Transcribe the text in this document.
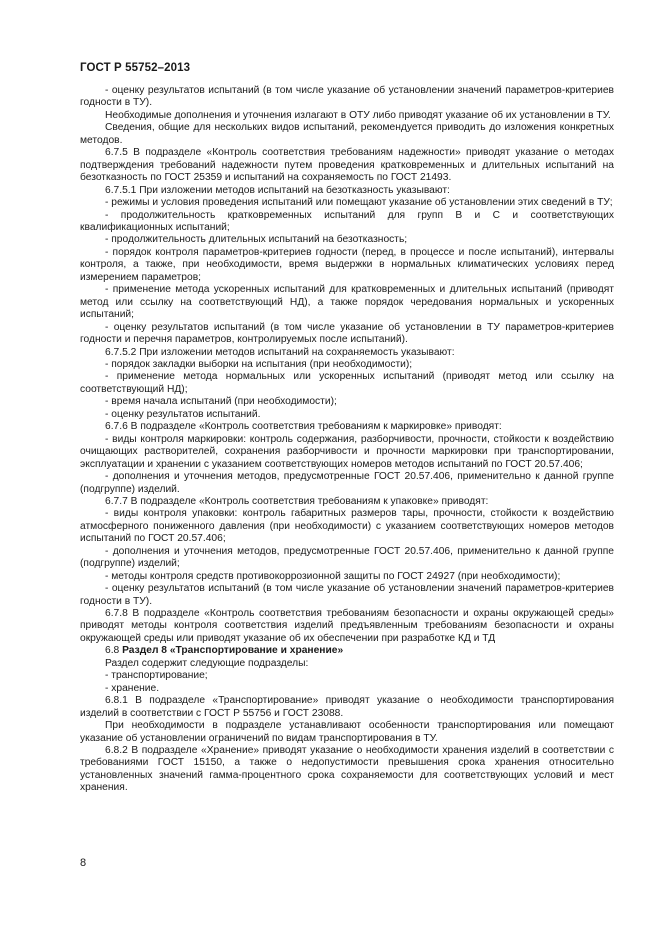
ГОСТ Р 55752–2013

- оценку результатов испытаний (в том числе указание об установлении значений параметров-критериев годности в ТУ).

Необходимые дополнения и уточнения излагают в ОТУ либо приводят указание об их установлении в ТУ.

Сведения, общие для нескольких видов испытаний, рекомендуется приводить до изложения конкретных методов.

6.7.5 В подразделе «Контроль соответствия требованиям надежности» приводят указание о методах подтверждения требований надежности путем проведения кратковременных и длительных испытаний на безотказность по ГОСТ 25359 и испытаний на сохраняемость по ГОСТ 21493.

6.7.5.1 При изложении методов испытаний на безотказность указывают:

- режимы и условия проведения испытаний или помещают указание об установлении этих сведений в ТУ;

- продолжительность кратковременных испытаний для групп В и С и соответствующих квалификационных испытаний;

- продолжительность длительных испытаний на безотказность;

- порядок контроля параметров-критериев годности (перед, в процессе и после испытаний), интервалы контроля, а также, при необходимости, время выдержки в нормальных климатических условиях перед измерением параметров;

- применение метода ускоренных испытаний для кратковременных и длительных испытаний (приводят метод или ссылку на соответствующий НД), а также порядок чередования нормальных и ускоренных испытаний;

- оценку результатов испытаний (в том числе указание об установлении в ТУ параметров-критериев годности и перечня параметров, контролируемых после испытаний).

6.7.5.2 При изложении методов испытаний на сохраняемость указывают:

- порядок закладки выборки на испытания (при необходимости);

- применение метода нормальных или ускоренных испытаний (приводят метод или ссылку на соответствующий НД);

- время начала испытаний (при необходимости);

- оценку результатов испытаний.

6.7.6 В подразделе «Контроль соответствия требованиям к маркировке» приводят:

- виды контроля маркировки: контроль содержания, разборчивости, прочности, стойкости к воздействию очищающих растворителей, сохранения разборчивости и прочности маркировки при транспортировании, эксплуатации и хранении с указанием соответствующих номеров методов испытаний по ГОСТ 20.57.406;

- дополнения и уточнения методов, предусмотренные ГОСТ 20.57.406, применительно к данной группе (подгруппе) изделий.

6.7.7 В подразделе «Контроль соответствия требованиям к упаковке» приводят:

- виды контроля упаковки: контроль габаритных размеров тары, прочности, стойкости к воздействию атмосферного пониженного давления (при необходимости) с указанием соответствующих номеров методов испытаний по ГОСТ 20.57.406;

- дополнения и уточнения методов, предусмотренные ГОСТ 20.57.406, применительно к данной группе (подгруппе) изделий;

- методы контроля средств противокоррозионной защиты по ГОСТ 24927 (при необходимости);

- оценку результатов испытаний (в том числе указание об установлении значений параметров-критериев годности в ТУ).

6.7.8 В подразделе «Контроль соответствия требованиям безопасности и охраны окружающей среды» приводят методы контроля соответствия изделий предъявленным требованиям безопасности и охраны окружающей среды или приводят указание об их обеспечении при разработке КД и ТД

6.8 Раздел 8 «Транспортирование и хранение»

Раздел содержит следующие подразделы:

- транспортирование;

- хранение.

6.8.1 В подразделе «Транспортирование» приводят указание о необходимости транспортирования изделий в соответствии с ГОСТ Р 55756 и ГОСТ 23088.

При необходимости в подразделе устанавливают особенности транспортирования или помещают указание об установлении ограничений по видам транспортирования в ТУ.

6.8.2 В подразделе «Хранение» приводят указание о необходимости хранения изделий в соответствии с требованиями ГОСТ 15150, а также о недопустимости превышения срока хранения относительно установленных значений гамма-процентного срока сохраняемости для соответствующих условий и мест хранения.

8
